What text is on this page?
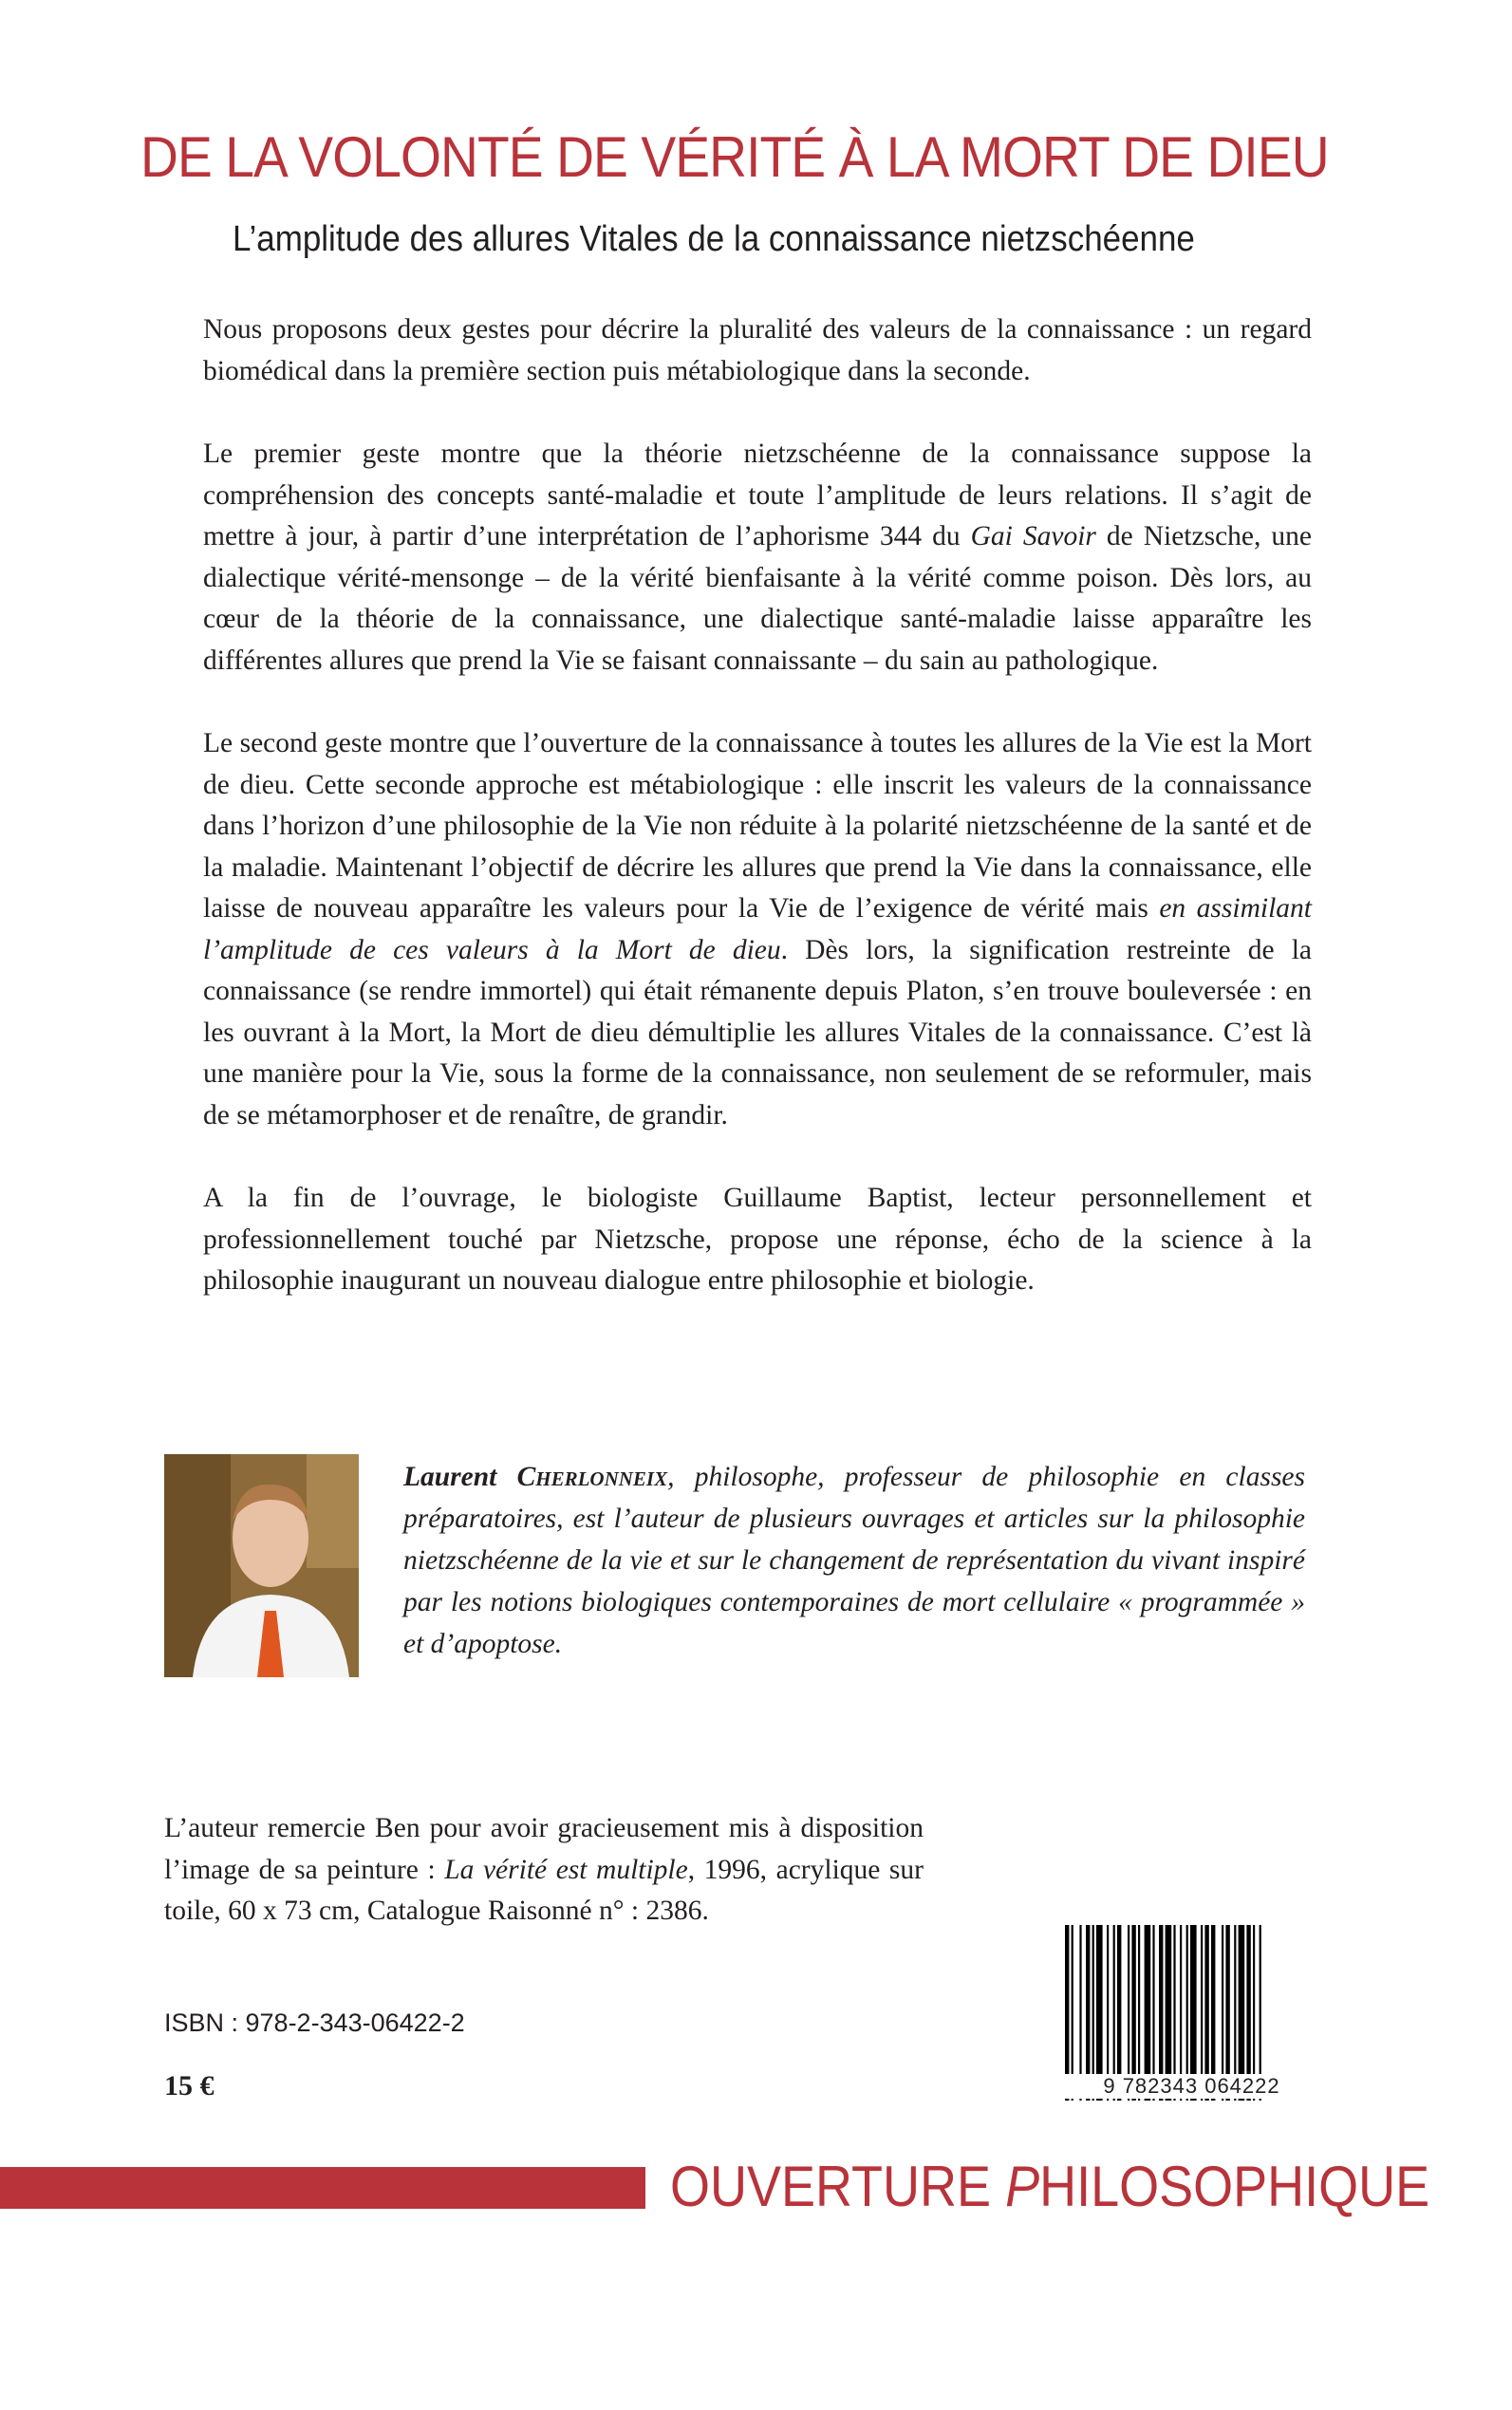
DE LA VOLONTÉ DE VÉRITÉ À LA MORT DE DIEU
L’amplitude des allures Vitales de la connaissance nietzschéenne

Nous proposons deux gestes pour décrire la pluralité des valeurs de la connaissance : un regard biomédical dans la première section puis métabiologique dans la seconde.

Le premier geste montre que la théorie nietzschéenne de la connaissance suppose la compréhension des concepts santé-maladie et toute l’amplitude de leurs relations. Il s’agit de mettre à jour, à partir d’une interprétation de l’aphorisme 344 du Gai Savoir de Nietzsche, une dialectique vérité-mensonge – de la vérité bienfaisante à la vérité comme poison. Dès lors, au cœur de la théorie de la connaissance, une dialectique santé-maladie laisse apparaître les différentes allures que prend la Vie se faisant connaissante – du sain au pathologique.

Le second geste montre que l’ouverture de la connaissance à toutes les allures de la Vie est la Mort de dieu. Cette seconde approche est métabiologique : elle inscrit les valeurs de la connaissance dans l’horizon d’une philosophie de la Vie non réduite à la polarité nietzschéenne de la santé et de la maladie. Maintenant l’objectif de décrire les allures que prend la Vie dans la connaissance, elle laisse de nouveau apparaître les valeurs pour la Vie de l’exigence de vérité mais en assimilant l’amplitude de ces valeurs à la Mort de dieu. Dès lors, la signification restreinte de la connaissance (se rendre immortel) qui était rémanente depuis Platon, s’en trouve bouleversée : en les ouvrant à la Mort, la Mort de dieu démultiplie les allures Vitales de la connaissance. C’est là une manière pour la Vie, sous la forme de la connaissance, non seulement de se reformuler, mais de se métamorphoser et de renaître, de grandir.

A la fin de l’ouvrage, le biologiste Guillaume Baptist, lecteur personnellement et professionnellement touché par Nietzsche, propose une réponse, écho de la science à la philosophie inaugurant un nouveau dialogue entre philosophie et biologie.

Laurent Cherlonneix, philosophe, professeur de philosophie en classes préparatoires, est l’auteur de plusieurs ouvrages et articles sur la philosophie nietzschéenne de la vie et sur le changement de représentation du vivant inspiré par les notions biologiques contemporaines de mort cellulaire « programmée » et d’apoptose.
L’auteur remercie Ben pour avoir gracieusement mis à disposition l’image de sa peinture : La vérité est multiple, 1996, acrylique sur toile, 60 x 73 cm, Catalogue Raisonné n° : 2386.
ISBN : 978-2-343-06422-2
15 €	9 782343 064222
OUVERTURE PHILOSOPHIQUE
